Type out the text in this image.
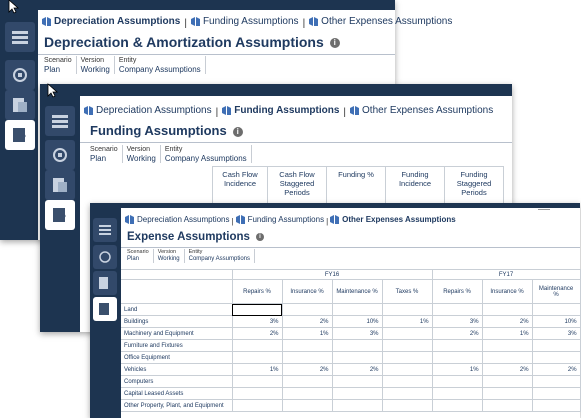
?
Depreciation Assumptions | Funding Assumptions | Other Expenses Assumptions
Depreciation & Amortization Assumptions i
Scenario
Plan
Version
Working
Entity
Company Assumptions
?
Depreciation Assumptions | Funding Assumptions | Other Expenses Assumptions
Funding Assumptions i
Scenario
Plan
Version
Working
Entity
Company Assumptions
Cash Flow Incidence	Cash Flow Staggered Periods	Funding %	Funding Incidence	Funding Staggered Periods
Depreciation Assumptions | Funding Assumptions | Other Expenses Assumptions
Expense Assumptions i
Scenario
Plan
Version
Working
Entity
Company Assumptions
	FY16				FY17		
	Repairs %	Insurance %	Maintenance %	Taxes %	Repairs %	Insurance %	Maintenance %
Land							
Buildings	3%	2%	10%	1%	3%	2%	10%
Machinery and Equipment	2%	1%	3%		2%	1%	3%
Furniture and Fixtures							
Office Equipment							
Vehicles	1%	2%	2%		1%	2%	2%
Computers							
Capital Leased Assets							
Other Property, Plant, and Equipment							
